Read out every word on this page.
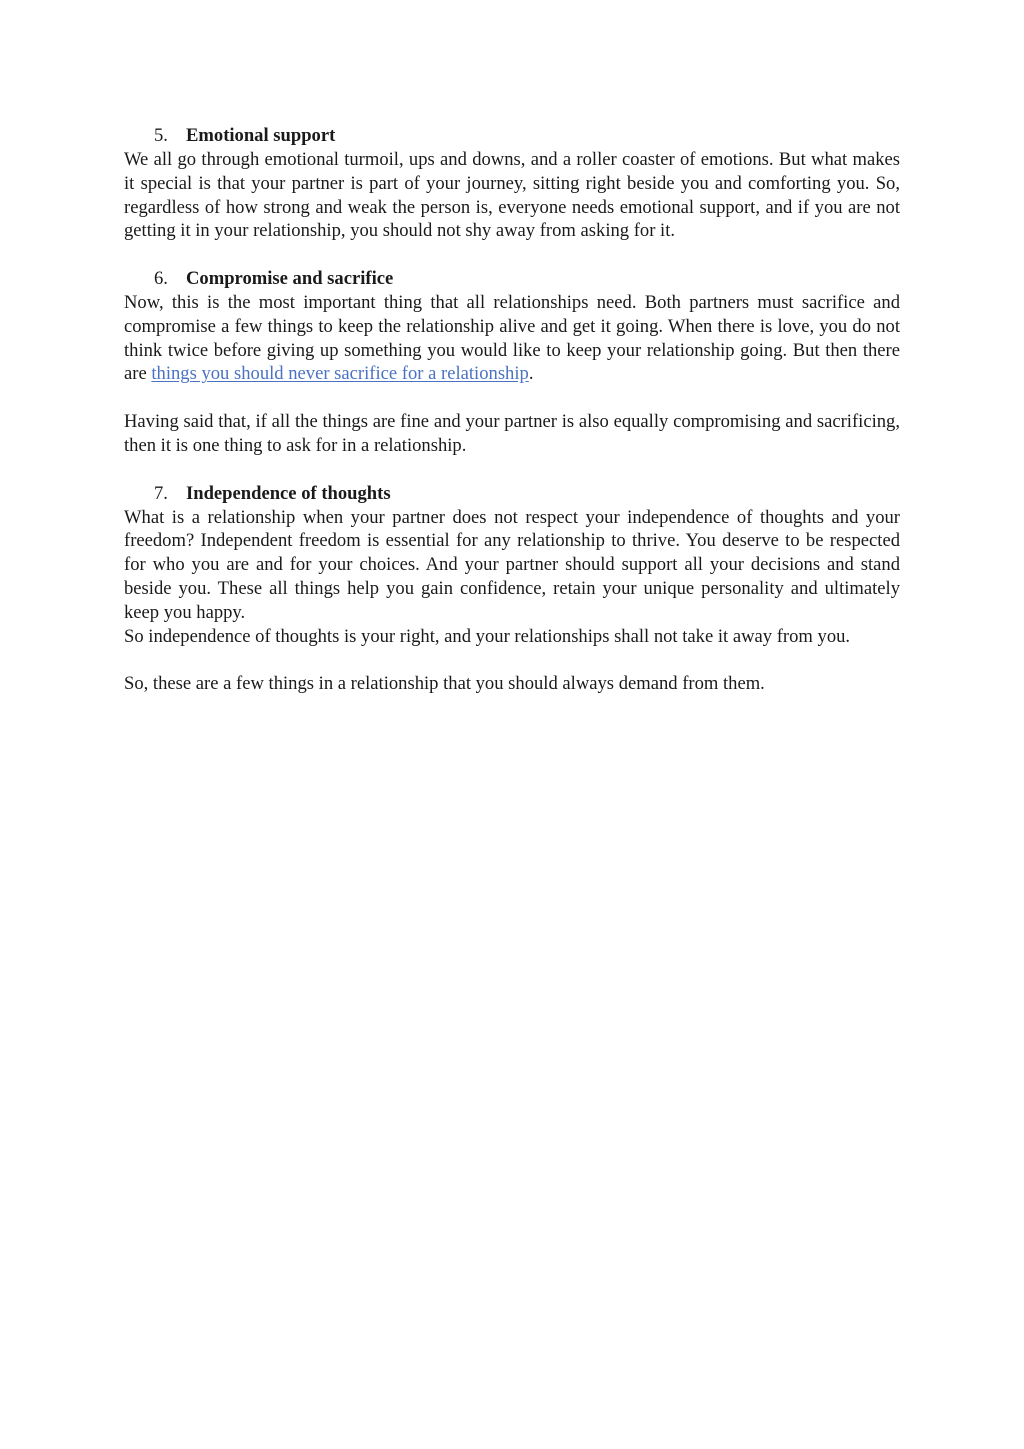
5. Emotional support

We all go through emotional turmoil, ups and downs, and a roller coaster of emotions. But what makes it special is that your partner is part of your journey, sitting right beside you and comforting you. So, regardless of how strong and weak the person is, everyone needs emotional support, and if you are not getting it in your relationship, you should not shy away from asking for it.

6. Compromise and sacrifice

Now, this is the most important thing that all relationships need. Both partners must sacrifice and compromise a few things to keep the relationship alive and get it going. When there is love, you do not think twice before giving up something you would like to keep your relationship going. But then there are things you should never sacrifice for a relationship.

Having said that, if all the things are fine and your partner is also equally compromising and sacrificing, then it is one thing to ask for in a relationship.

7. Independence of thoughts

What is a relationship when your partner does not respect your independence of thoughts and your freedom? Independent freedom is essential for any relationship to thrive. You deserve to be respected for who you are and for your choices. And your partner should support all your decisions and stand beside you. These all things help you gain confidence, retain your unique personality and ultimately keep you happy.

So independence of thoughts is your right, and your relationships shall not take it away from you.

So, these are a few things in a relationship that you should always demand from them.
